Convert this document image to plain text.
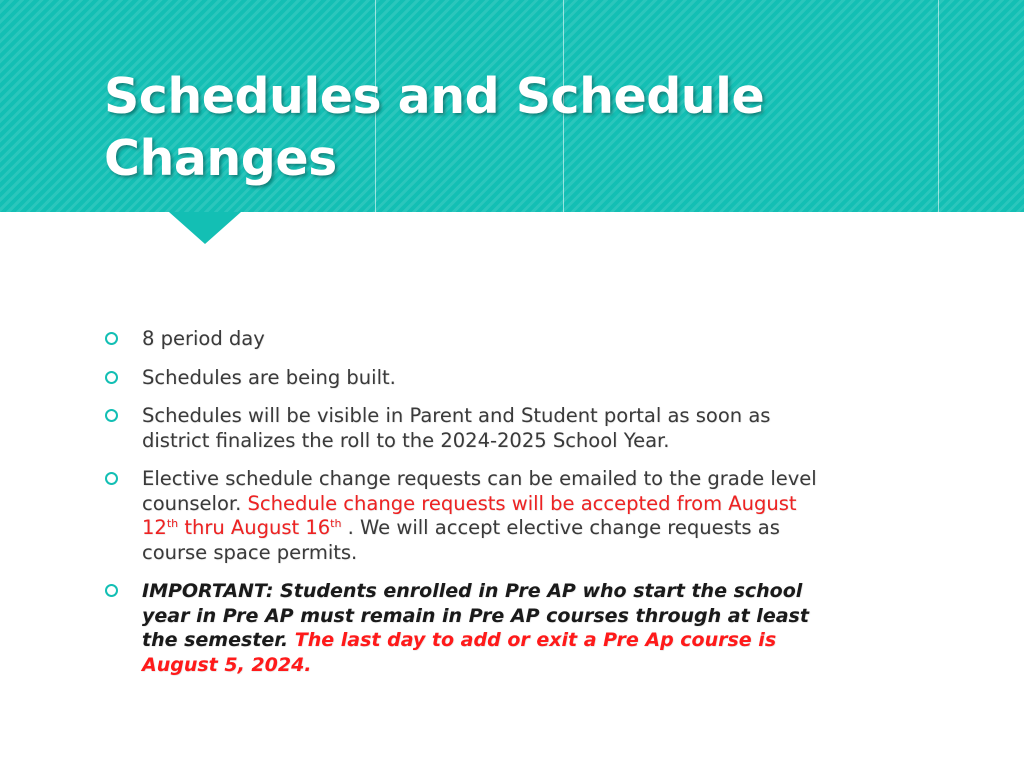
Schedules and Schedule
Changes
8 period day
Schedules are being built.
Schedules will be visible in Parent and Student portal as soon as district finalizes the roll to the 2024-2025 School Year.
Elective schedule change requests can be emailed to the grade level counselor. Schedule change requests will be accepted from August 12th thru August 16th . We will accept elective change requests as course space permits.
IMPORTANT: Students enrolled in Pre AP who start the school year in Pre AP must remain in Pre AP courses through at least the semester. The last day to add or exit a Pre Ap course is August 5, 2024.
